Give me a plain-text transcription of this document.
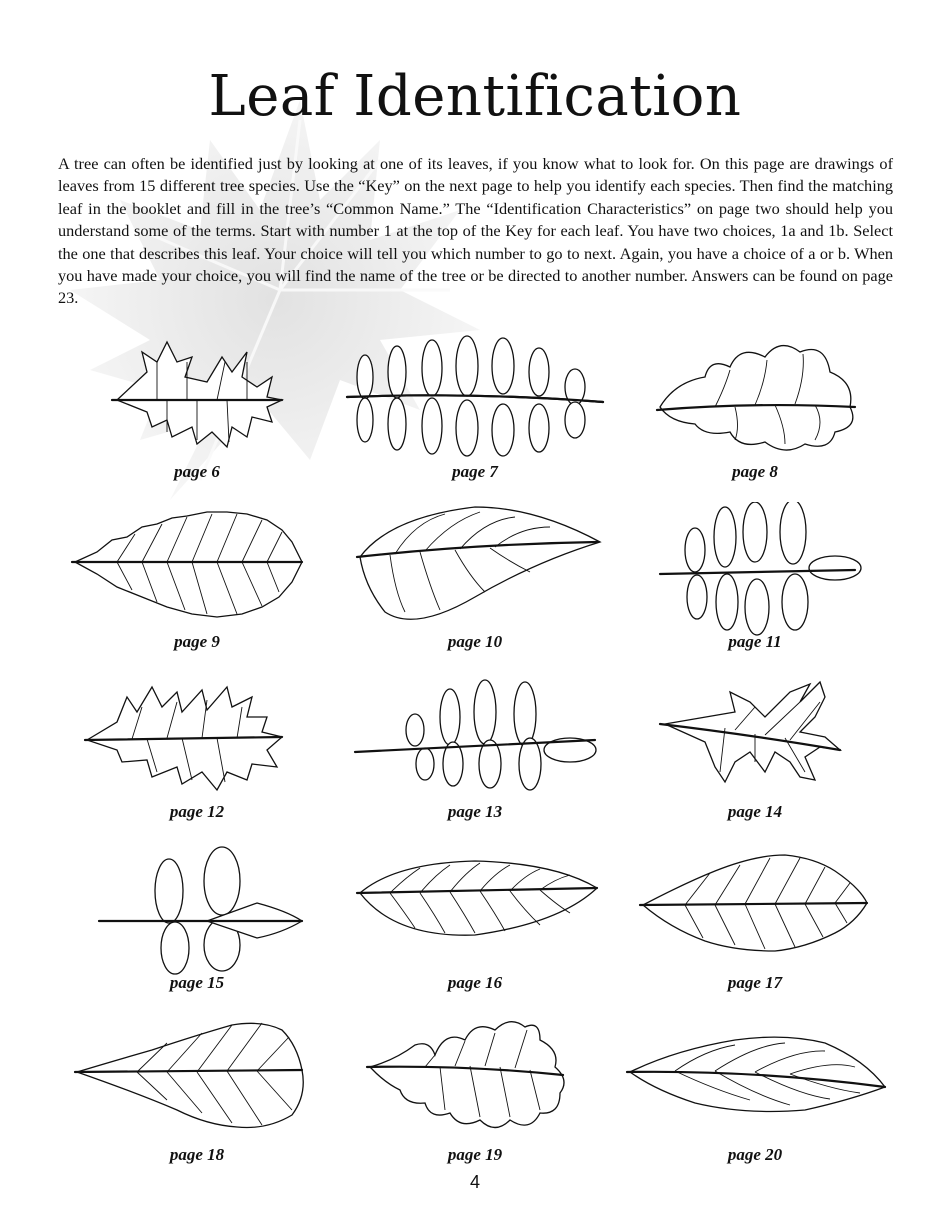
Leaf Identification

A tree can often be identified just by looking at one of its leaves, if you know what to look for. On this page are drawings of leaves from 15 different tree species. Use the “Key” on the next page to help you identify each species. Then find the matching leaf in the booklet and fill in the tree’s “Common Name.” The “Identification Characteristics” on page two should help you understand some of the terms. Start with number 1 at the top of the Key for each leaf. You have two choices, 1a and 1b. Select the one that describes this leaf. Your choice will tell you which number to go to next. Again, you have a choice of a or b. When you have made your choice, you will find the name of the tree or be directed to another number. Answers can be found on page 23.

page 6	page 7	page 8
page 9	page 10	page 11
page 12	page 13	page 14
page 15	page 16	page 17
page 18	page 19	page 20
4
